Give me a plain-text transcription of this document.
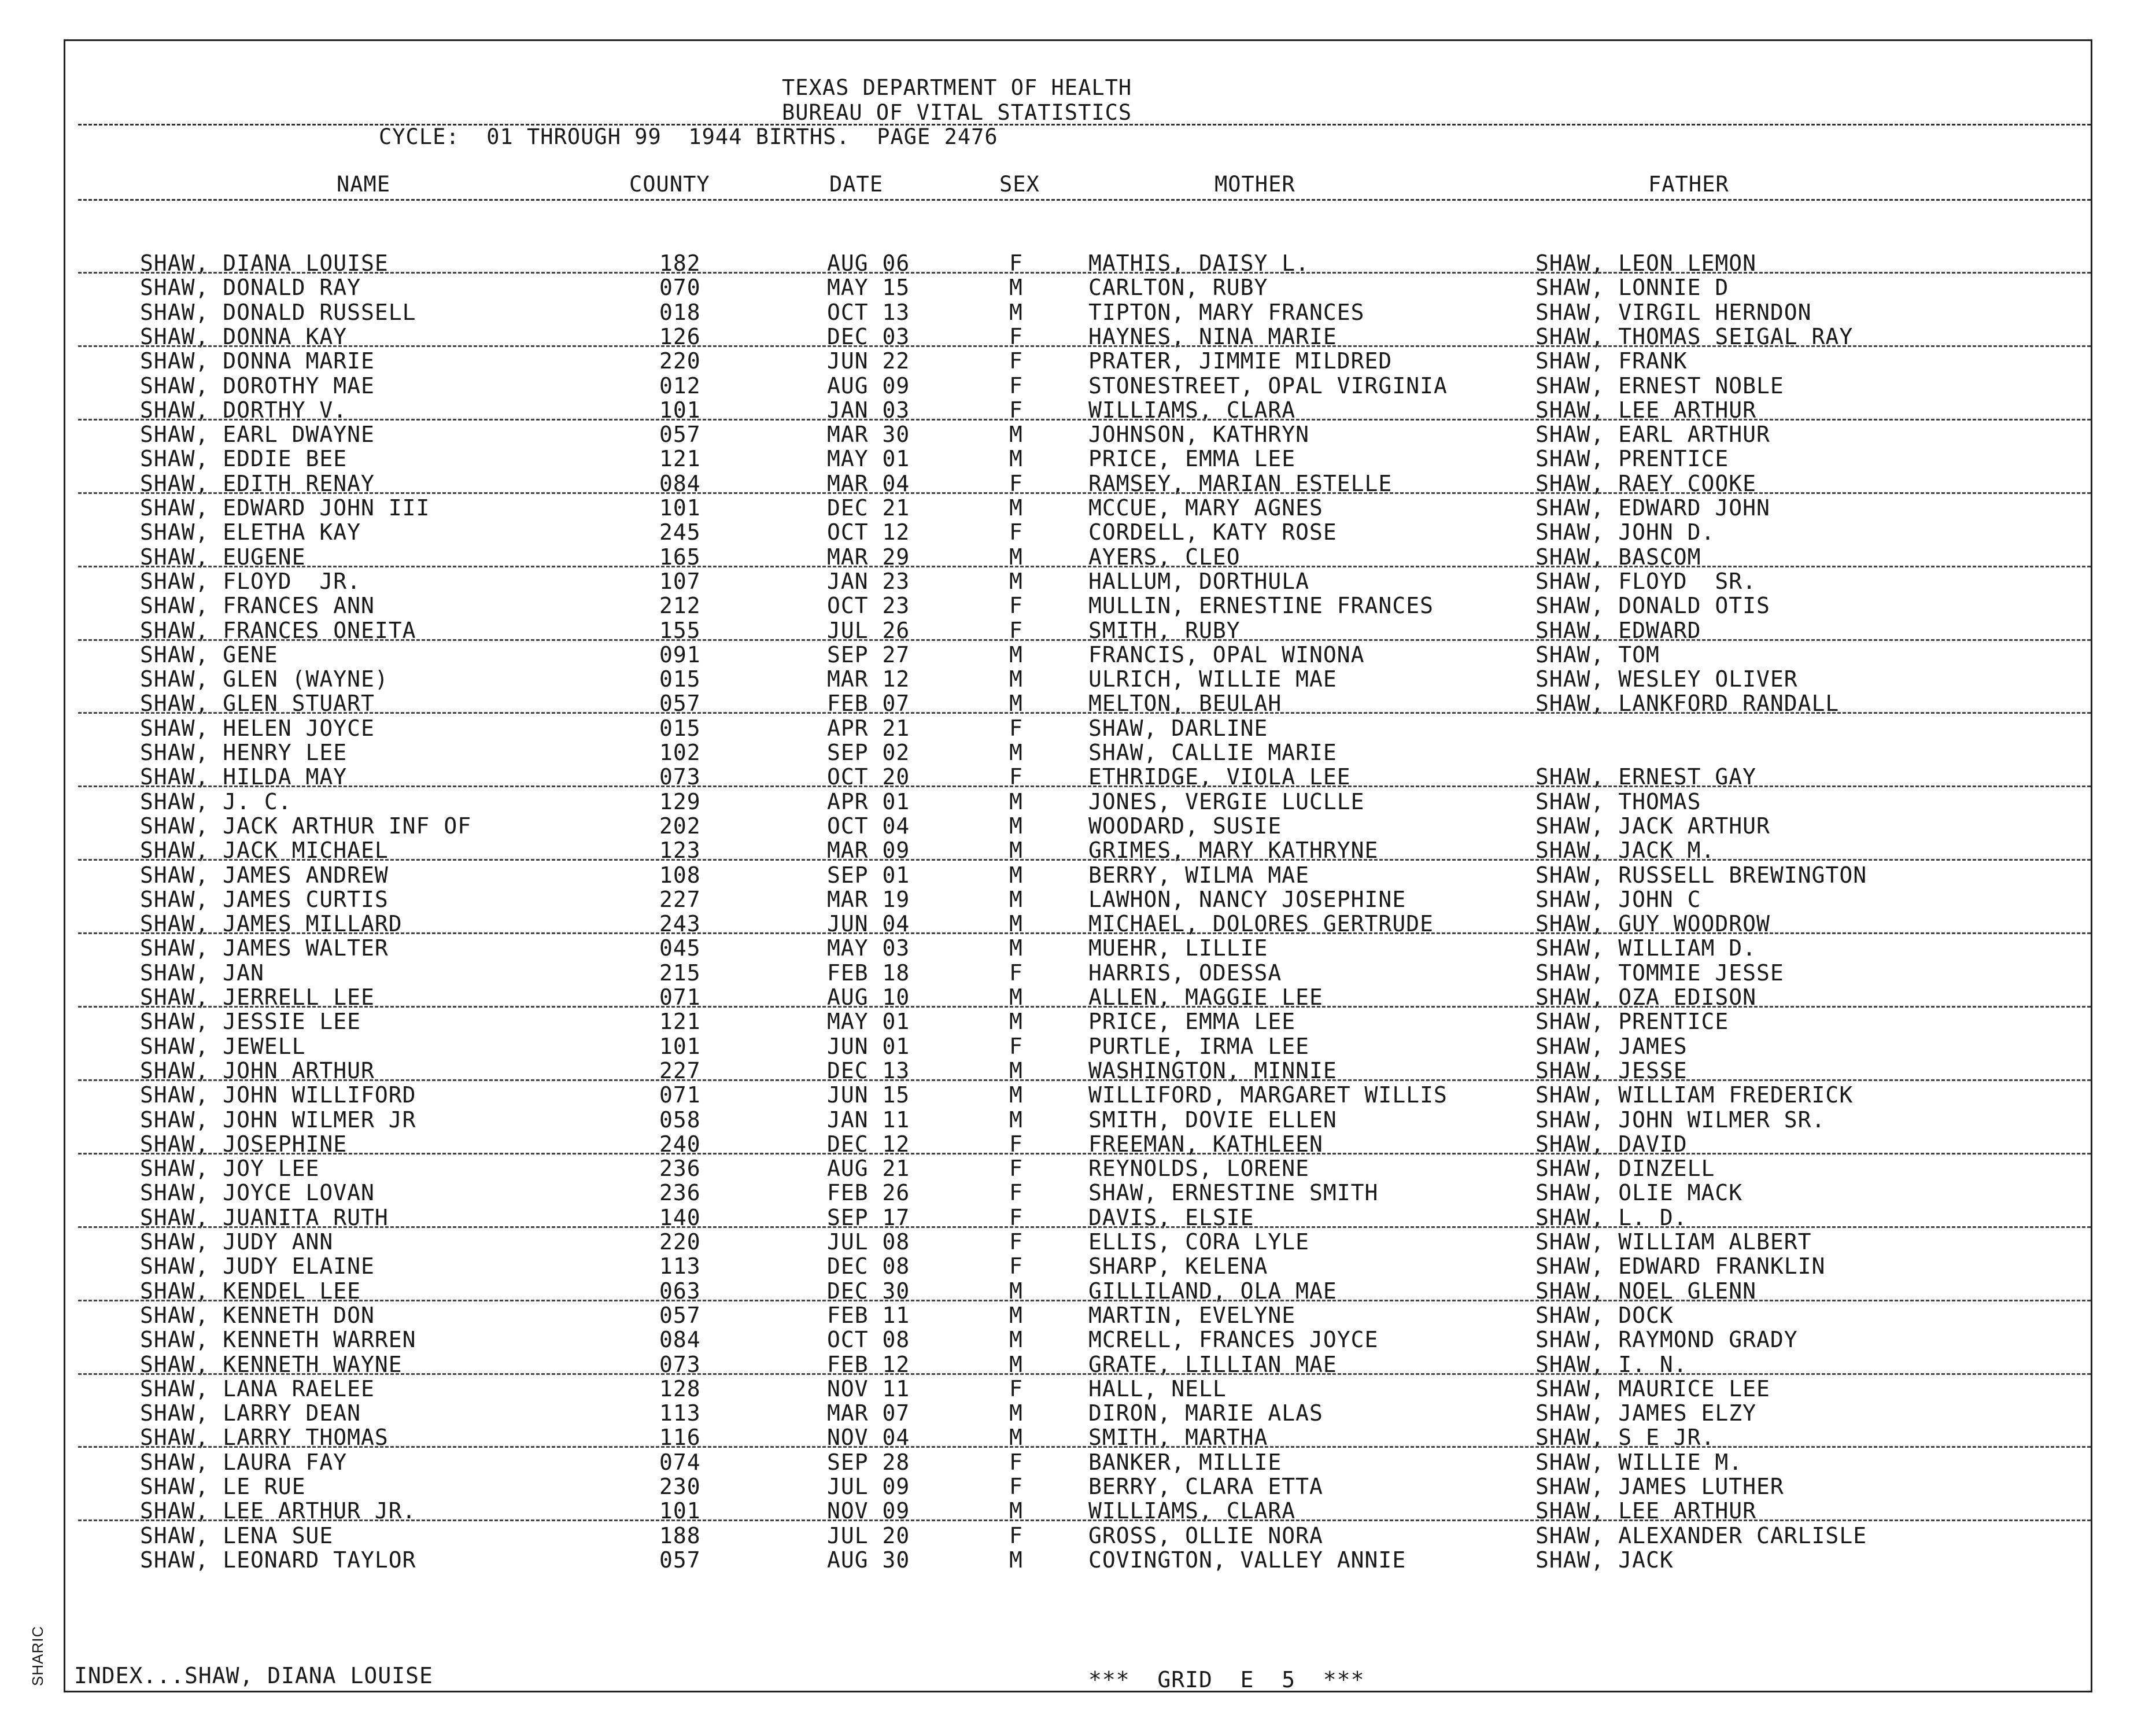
TEXAS DEPARTMENT OF HEALTH
BUREAU OF VITAL STATISTICS
CYCLE:  01 THROUGH 99  1944 BIRTHS.  PAGE 2476
NAME	COUNTY	DATE	SEX	MOTHER	FATHER
SHAW, DIANA LOUISE	182	AUG 06	F	MATHIS, DAISY L.	SHAW, LEON LEMON
SHAW, DONALD RAY	070	MAY 15	M	CARLTON, RUBY	SHAW, LONNIE D
SHAW, DONALD RUSSELL	018	OCT 13	M	TIPTON, MARY FRANCES	SHAW, VIRGIL HERNDON
SHAW, DONNA KAY	126	DEC 03	F	HAYNES, NINA MARIE	SHAW, THOMAS SEIGAL RAY
SHAW, DONNA MARIE	220	JUN 22	F	PRATER, JIMMIE MILDRED	SHAW, FRANK
SHAW, DOROTHY MAE	012	AUG 09	F	STONESTREET, OPAL VIRGINIA	SHAW, ERNEST NOBLE
SHAW, DORTHY V.	101	JAN 03	F	WILLIAMS, CLARA	SHAW, LEE ARTHUR
SHAW, EARL DWAYNE	057	MAR 30	M	JOHNSON, KATHRYN	SHAW, EARL ARTHUR
SHAW, EDDIE BEE	121	MAY 01	M	PRICE, EMMA LEE	SHAW, PRENTICE
SHAW, EDITH RENAY	084	MAR 04	F	RAMSEY, MARIAN ESTELLE	SHAW, RAEY COOKE
SHAW, EDWARD JOHN III	101	DEC 21	M	MCCUE, MARY AGNES	SHAW, EDWARD JOHN
SHAW, ELETHA KAY	245	OCT 12	F	CORDELL, KATY ROSE	SHAW, JOHN D.
SHAW, EUGENE	165	MAR 29	M	AYERS, CLEO	SHAW, BASCOM
SHAW, FLOYD  JR.	107	JAN 23	M	HALLUM, DORTHULA	SHAW, FLOYD  SR.
SHAW, FRANCES ANN	212	OCT 23	F	MULLIN, ERNESTINE FRANCES	SHAW, DONALD OTIS
SHAW, FRANCES ONEITA	155	JUL 26	F	SMITH, RUBY	SHAW, EDWARD
SHAW, GENE	091	SEP 27	M	FRANCIS, OPAL WINONA	SHAW, TOM
SHAW, GLEN (WAYNE)	015	MAR 12	M	ULRICH, WILLIE MAE	SHAW, WESLEY OLIVER
SHAW, GLEN STUART	057	FEB 07	M	MELTON, BEULAH	SHAW, LANKFORD RANDALL
SHAW, HELEN JOYCE	015	APR 21	F	SHAW, DARLINE
SHAW, HENRY LEE	102	SEP 02	M	SHAW, CALLIE MARIE
SHAW, HILDA MAY	073	OCT 20	F	ETHRIDGE, VIOLA LEE	SHAW, ERNEST GAY
SHAW, J. C.	129	APR 01	M	JONES, VERGIE LUCLLE	SHAW, THOMAS
SHAW, JACK ARTHUR INF OF	202	OCT 04	M	WOODARD, SUSIE	SHAW, JACK ARTHUR
SHAW, JACK MICHAEL	123	MAR 09	M	GRIMES, MARY KATHRYNE	SHAW, JACK M.
SHAW, JAMES ANDREW	108	SEP 01	M	BERRY, WILMA MAE	SHAW, RUSSELL BREWINGTON
SHAW, JAMES CURTIS	227	MAR 19	M	LAWHON, NANCY JOSEPHINE	SHAW, JOHN C
SHAW, JAMES MILLARD	243	JUN 04	M	MICHAEL, DOLORES GERTRUDE	SHAW, GUY WOODROW
SHAW, JAMES WALTER	045	MAY 03	M	MUEHR, LILLIE	SHAW, WILLIAM D.
SHAW, JAN	215	FEB 18	F	HARRIS, ODESSA	SHAW, TOMMIE JESSE
SHAW, JERRELL LEE	071	AUG 10	M	ALLEN, MAGGIE LEE	SHAW, OZA EDISON
SHAW, JESSIE LEE	121	MAY 01	M	PRICE, EMMA LEE	SHAW, PRENTICE
SHAW, JEWELL	101	JUN 01	F	PURTLE, IRMA LEE	SHAW, JAMES
SHAW, JOHN ARTHUR	227	DEC 13	M	WASHINGTON, MINNIE	SHAW, JESSE
SHAW, JOHN WILLIFORD	071	JUN 15	M	WILLIFORD, MARGARET WILLIS	SHAW, WILLIAM FREDERICK
SHAW, JOHN WILMER JR	058	JAN 11	M	SMITH, DOVIE ELLEN	SHAW, JOHN WILMER SR.
SHAW, JOSEPHINE	240	DEC 12	F	FREEMAN, KATHLEEN	SHAW, DAVID
SHAW, JOY LEE	236	AUG 21	F	REYNOLDS, LORENE	SHAW, DINZELL
SHAW, JOYCE LOVAN	236	FEB 26	F	SHAW, ERNESTINE SMITH	SHAW, OLIE MACK
SHAW, JUANITA RUTH	140	SEP 17	F	DAVIS, ELSIE	SHAW, L. D.
SHAW, JUDY ANN	220	JUL 08	F	ELLIS, CORA LYLE	SHAW, WILLIAM ALBERT
SHAW, JUDY ELAINE	113	DEC 08	F	SHARP, KELENA	SHAW, EDWARD FRANKLIN
SHAW, KENDEL LEE	063	DEC 30	M	GILLILAND, OLA MAE	SHAW, NOEL GLENN
SHAW, KENNETH DON	057	FEB 11	M	MARTIN, EVELYNE	SHAW, DOCK
SHAW, KENNETH WARREN	084	OCT 08	M	MCRELL, FRANCES JOYCE	SHAW, RAYMOND GRADY
SHAW, KENNETH WAYNE	073	FEB 12	M	GRATE, LILLIAN MAE	SHAW, I. N.
SHAW, LANA RAELEE	128	NOV 11	F	HALL, NELL	SHAW, MAURICE LEE
SHAW, LARRY DEAN	113	MAR 07	M	DIRON, MARIE ALAS	SHAW, JAMES ELZY
SHAW, LARRY THOMAS	116	NOV 04	M	SMITH, MARTHA	SHAW, S E JR.
SHAW, LAURA FAY	074	SEP 28	F	BANKER, MILLIE	SHAW, WILLIE M.
SHAW, LE RUE	230	JUL 09	F	BERRY, CLARA ETTA	SHAW, JAMES LUTHER
SHAW, LEE ARTHUR JR.	101	NOV 09	M	WILLIAMS, CLARA	SHAW, LEE ARTHUR
SHAW, LENA SUE	188	JUL 20	F	GROSS, OLLIE NORA	SHAW, ALEXANDER CARLISLE
SHAW, LEONARD TAYLOR	057	AUG 30	M	COVINGTON, VALLEY ANNIE	SHAW, JACK
INDEX...SHAW, DIANA LOUISE	***  GRID  E  5  ***
SHARIC
